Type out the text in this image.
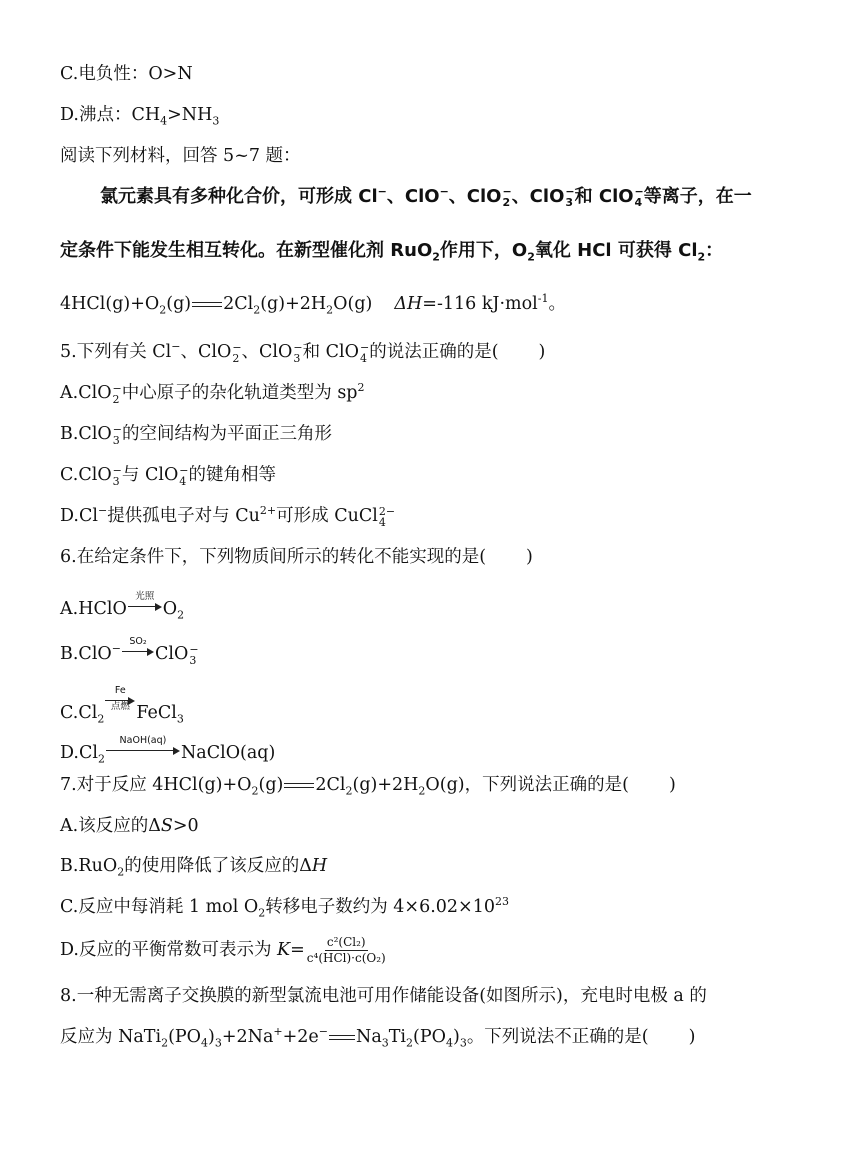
C.电负性：O>N
D.沸点：$CH_4>NH_3$
阅读下列材料，回答 5~7 题：
氯元素具有多种化合价，可形成 Cl−、ClO−、ClO −
2 、ClO −
3 和 ClO −
4 等离子，在一
定条件下能发生相互转化。在新型催化剂 RuO$_2$作用下，$O_2$氧化 HCl 可获得 $Cl_2$：
$4HCl(g)+O_2(g)$ $2Cl_2(g)+2H_2O(g)$ ΔH=-116 kJ·mol$^{-1}$。
5.下列有关 Cl−、ClO −
2 、ClO −
3 和 ClO −
4 的说法正确的是( )
A.ClO −
2 中心原子的杂化轨道类型为 $sp^2$
B.ClO −
3 的空间结构为平面正三角形
C.ClO −
3 与 ClO −
4 的键角相等
D.Cl−提供孤电子对与 $Cu^{2+}$可形成 CuCl 2−
4
6.在给定条件下，下列物质间所示的转化不能实现的是( )
A.HClO
光照
$O_2$
B.ClO−
SO₂
ClO −
3
$C.Cl_2$
Fe
点燃 FeCl$_3$
$D.Cl_2$
NaOH(aq)
NaClO(aq)
7.对于反应 $4HCl(g)+O_2(g)$ $2Cl_2(g)+2H_2O(g)$，下列说法正确的是( )
A.该反应的ΔS>0
B.RuO$_2$的使用降低了该反应的ΔH
C.反应中每消耗 1 mol $O_2$转移电子数约为 $4\times 6.02\times 10^{23}$
D.反应的平衡常数可表示为 $K= \frac{\text{c²(Cl₂)}}{\text{c⁴(HCl)·c(O₂)}}$
8.一种无需离子交换膜的新型氯流电池可用作储能设备(如图所示)，充电时电极 a 的
反应为 $NaTi_2(PO_4)_3+2Na^++2e^-$ $Na_3Ti_2(PO_4)_3$。下列说法不正确的是( )
